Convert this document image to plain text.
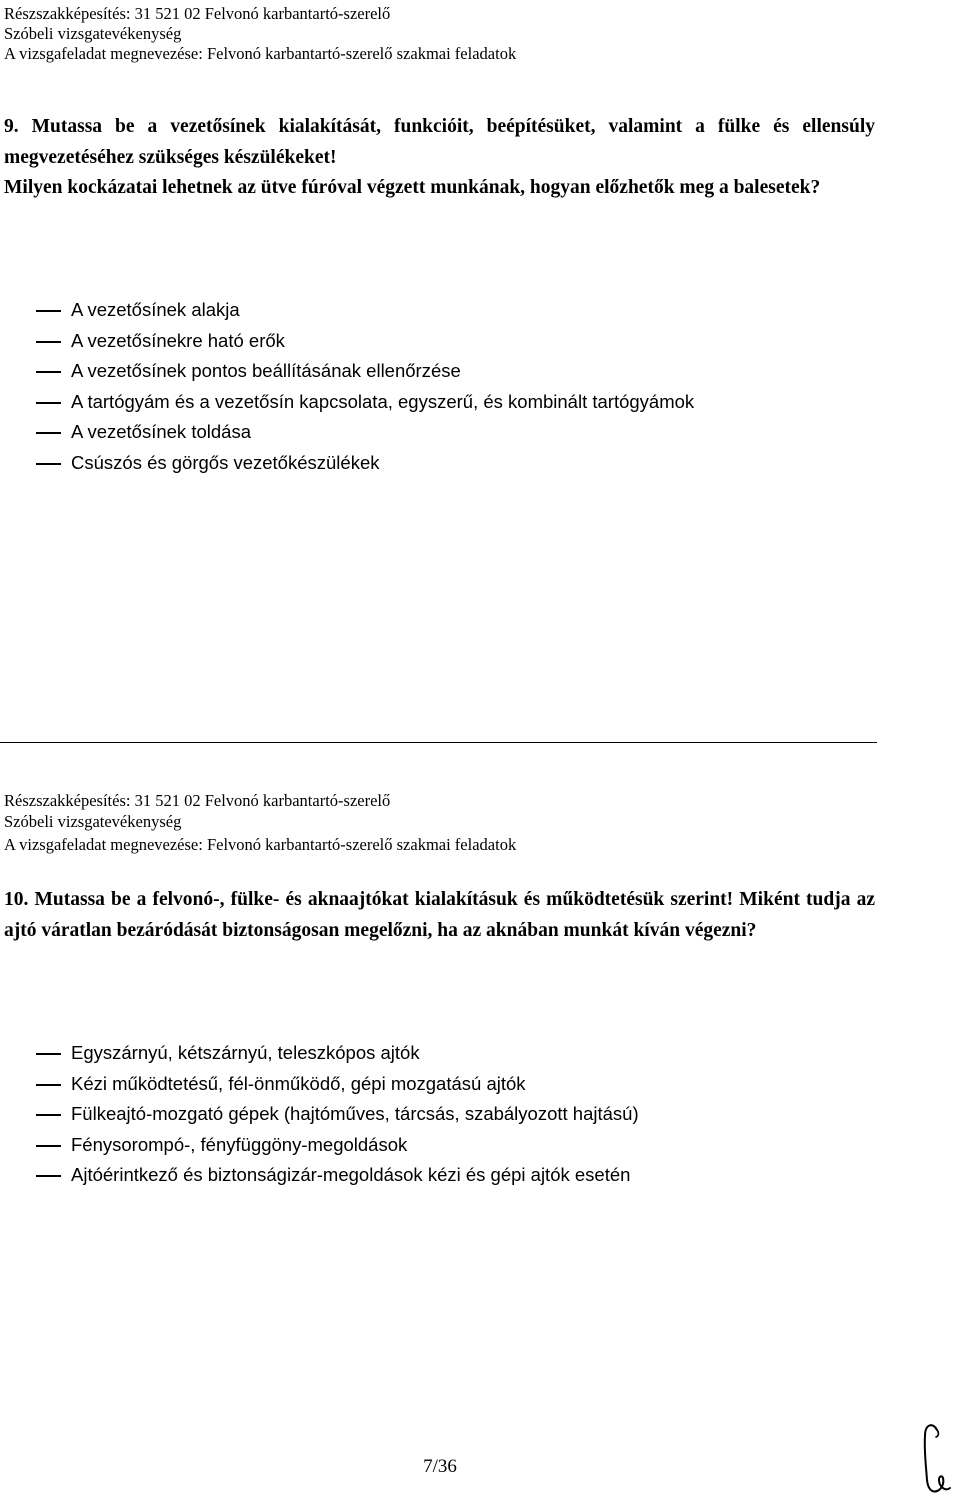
Részszakképesítés: 31 521 02 Felvonó karbantartó-szerelő
Szóbeli vizsgatevékenység
A vizsgafeladat megnevezése: Felvonó karbantartó-szerelő szakmai feladatok

9. Mutassa be a vezetősínek kialakítását, funkcióit, beépítésüket, valamint a fülke és ellensúly megvezetéséhez szükséges készülékeket!

Milyen kockázatai lehetnek az ütve fúróval végzett munkának, hogyan előzhetők meg a balesetek?

A vezetősínek alakja
A vezetősínekre ható erők
A vezetősínek pontos beállításának ellenőrzése
A tartógyám és a vezetősín kapcsolata, egyszerű, és kombinált tartógyámok
A vezetősínek toldása
Csúszós és görgős vezetőkészülékek
Részszakképesítés: 31 521 02 Felvonó karbantartó-szerelő
Szóbeli vizsgatevékenység
A vizsgafeladat megnevezése: Felvonó karbantartó-szerelő szakmai feladatok

10. Mutassa be a felvonó-, fülke- és aknaajtókat kialakításuk és működtetésük szerint! Miként tudja az ajtó váratlan bezáródását biztonságosan megelőzni, ha az aknában munkát kíván végezni?

Egyszárnyú, kétszárnyú, teleszkópos ajtók
Kézi működtetésű, fél-önműködő, gépi mozgatású ajtók
Fülkeajtó-mozgató gépek (hajtóműves, tárcsás, szabályozott hajtású)
Fénysorompó-, fényfüggöny-megoldások
Ajtóérintkező és biztonságizár-megoldások kézi és gépi ajtók esetén
7/36
